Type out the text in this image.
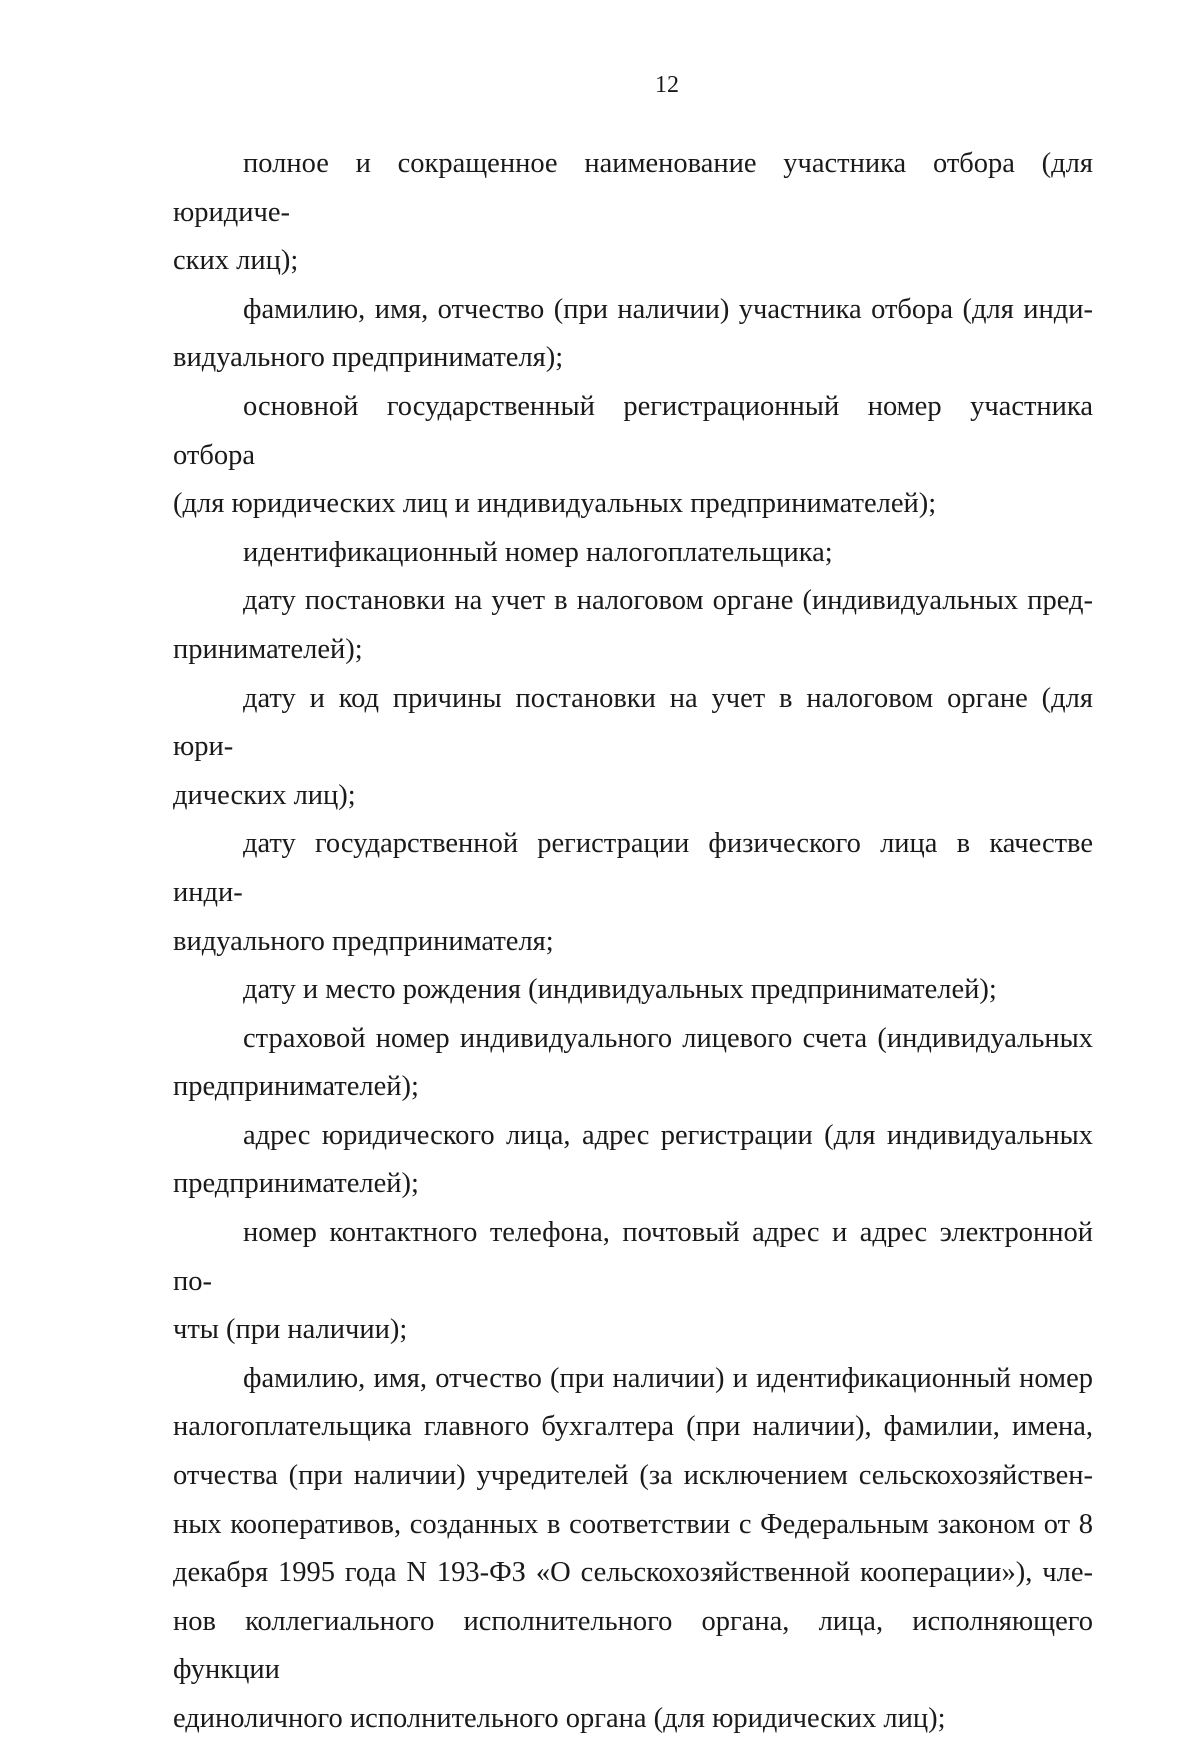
12

полное и сокращенное наименование участника отбора (для юридиче-
ских лиц);

фамилию, имя, отчество (при наличии) участника отбора (для инди-
видуального предпринимателя);

основной государственный регистрационный номер участника отбора
(для юридических лиц и индивидуальных предпринимателей);

идентификационный номер налогоплательщика;

дату постановки на учет в налоговом органе (индивидуальных пред-
принимателей);

дату и код причины постановки на учет в налоговом органе (для юри-
дических лиц);

дату государственной регистрации физического лица в качестве инди-
видуального предпринимателя;

дату и место рождения (индивидуальных предпринимателей);

страховой номер индивидуального лицевого счета (индивидуальных
предпринимателей);

адрес юридического лица, адрес регистрации (для индивидуальных
предпринимателей);

номер контактного телефона, почтовый адрес и адрес электронной по-
чты (при наличии);

фамилию, имя, отчество (при наличии) и идентификационный номер
налогоплательщика главного бухгалтера (при наличии), фамилии, имена,
отчества (при наличии) учредителей (за исключением сельскохозяйствен-
ных кооперативов, созданных в соответствии с Федеральным законом от 8
декабря 1995 года N 193-ФЗ «О сельскохозяйственной кооперации»), чле-
нов коллегиального исполнительного органа, лица, исполняющего функции
единоличного исполнительного органа (для юридических лиц);
